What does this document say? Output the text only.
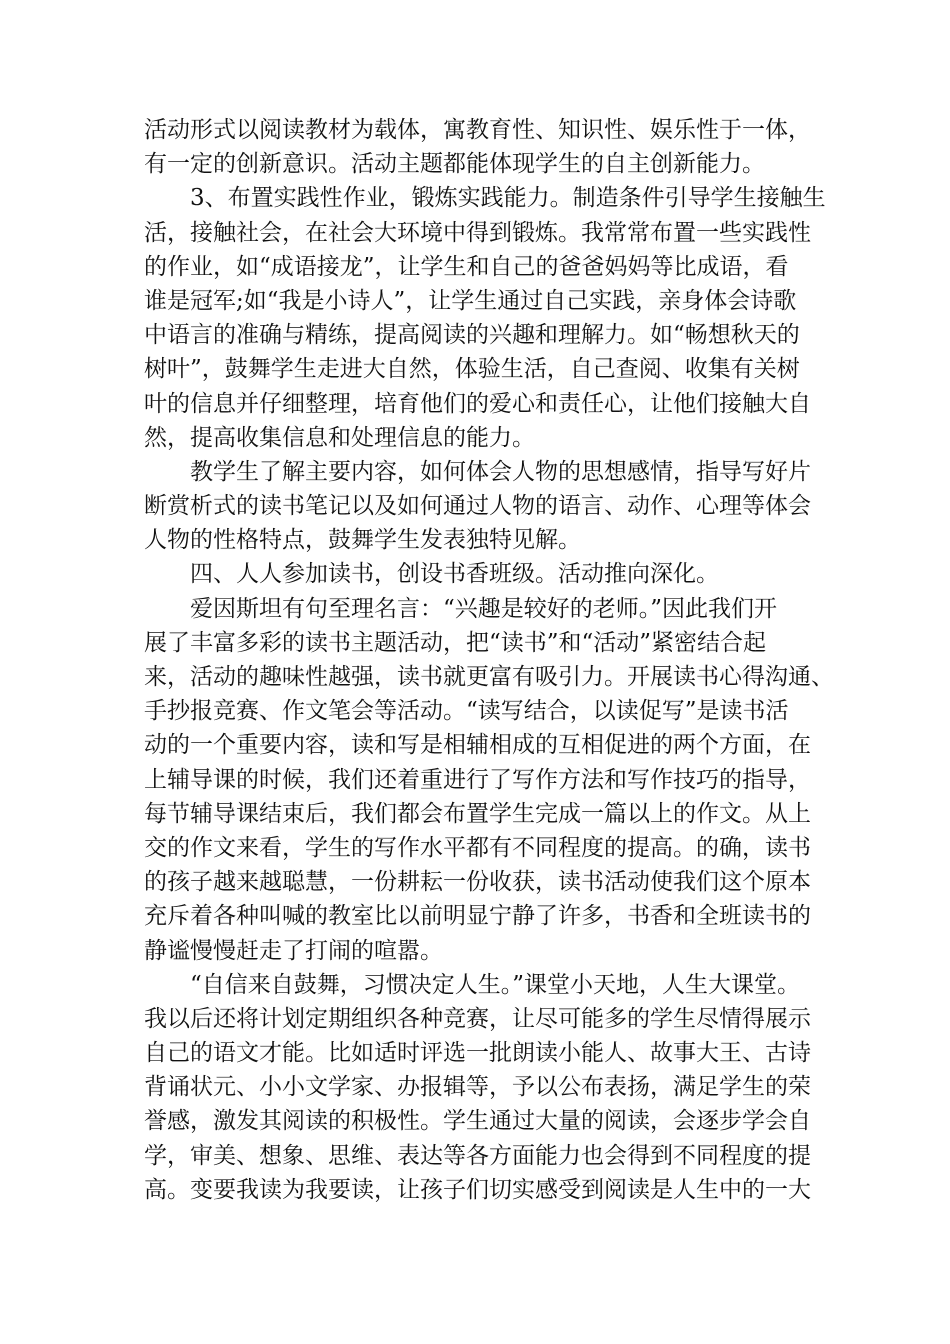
活动形式以阅读教材为载体，寓教育性、知识性、娱乐性于一体，
有一定的创新意识。活动主题都能体现学生的自主创新能力。
3、布置实践性作业，锻炼实践能力。制造条件引导学生接触生
活，接触社会，在社会大环境中得到锻炼。我常常布置一些实践性
的作业，如“成语接龙”，让学生和自己的爸爸妈妈等比成语，看
谁是冠军;如“我是小诗人”，让学生通过自己实践，亲身体会诗歌
中语言的准确与精练，提高阅读的兴趣和理解力。如“畅想秋天的
树叶”，鼓舞学生走进大自然，体验生活，自己查阅、收集有关树
叶的信息并仔细整理，培育他们的爱心和责任心，让他们接触大自
然，提高收集信息和处理信息的能力。
教学生了解主要内容，如何体会人物的思想感情，指导写好片
断赏析式的读书笔记以及如何通过人物的语言、动作、心理等体会
人物的性格特点，鼓舞学生发表独特见解。
四、人人参加读书，创设书香班级。活动推向深化。
爱因斯坦有句至理名言：“兴趣是较好的老师。”因此我们开
展了丰富多彩的读书主题活动，把“读书”和“活动”紧密结合起
来，活动的趣味性越强，读书就更富有吸引力。开展读书心得沟通、
手抄报竞赛、作文笔会等活动。“读写结合，以读促写”是读书活
动的一个重要内容，读和写是相辅相成的互相促进的两个方面，在
上辅导课的时候，我们还着重进行了写作方法和写作技巧的指导，
每节辅导课结束后，我们都会布置学生完成一篇以上的作文。从上
交的作文来看，学生的写作水平都有不同程度的提高。的确，读书
的孩子越来越聪慧，一份耕耘一份收获，读书活动使我们这个原本
充斥着各种叫喊的教室比以前明显宁静了许多，书香和全班读书的
静谧慢慢赶走了打闹的喧嚣。
“自信来自鼓舞，习惯决定人生。”课堂小天地，人生大课堂。
我以后还将计划定期组织各种竞赛，让尽可能多的学生尽情得展示
自己的语文才能。比如适时评选一批朗读小能人、故事大王、古诗
背诵状元、小小文学家、办报辑等，予以公布表扬，满足学生的荣
誉感，激发其阅读的积极性。学生通过大量的阅读，会逐步学会自
学，审美、想象、思维、表达等各方面能力也会得到不同程度的提
高。变要我读为我要读，让孩子们切实感受到阅读是人生中的一大
